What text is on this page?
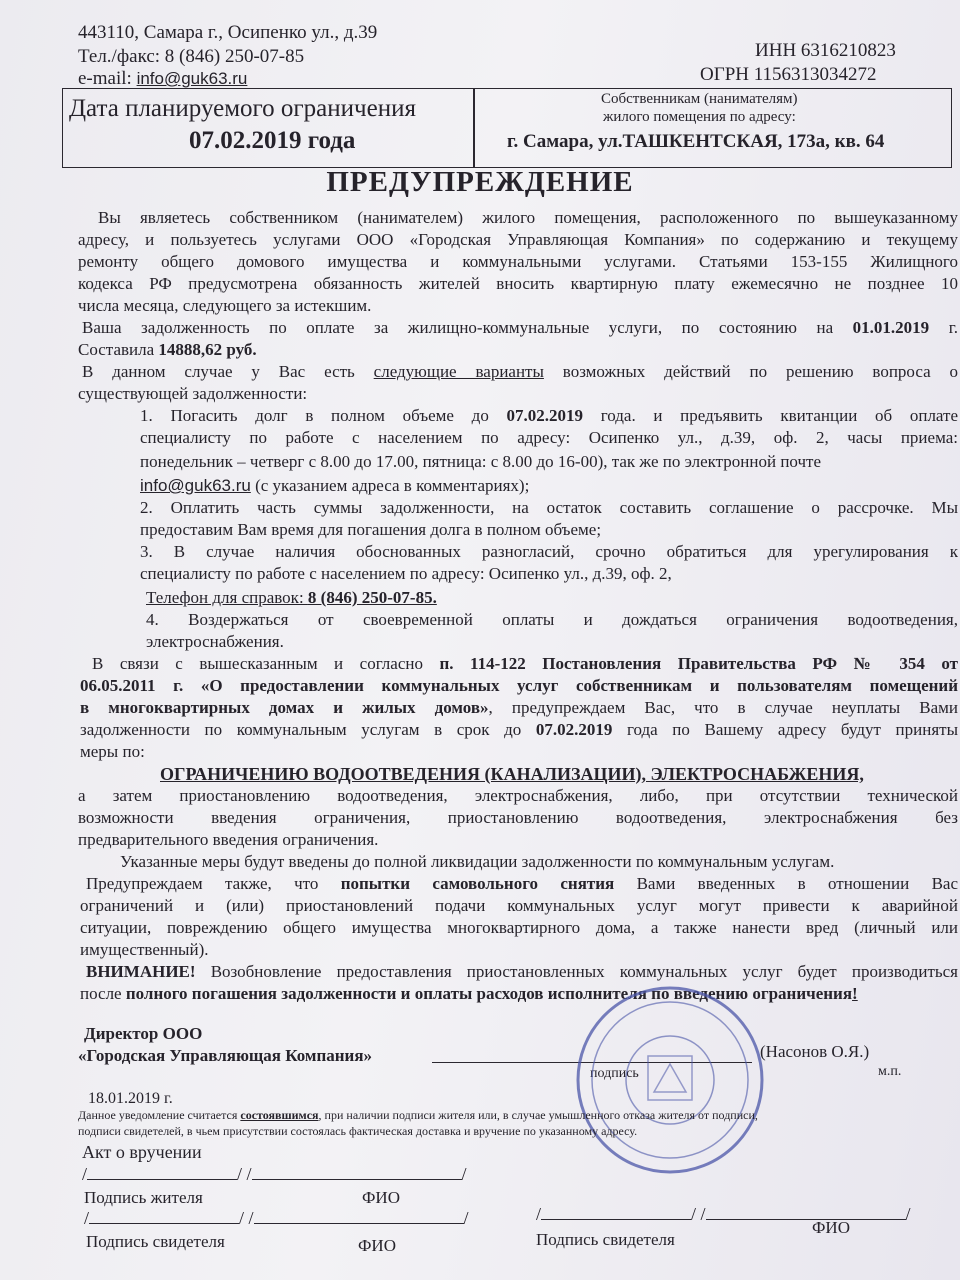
443110, Самара г., Осипенко ул., д.39
Тел./факс: 8 (846) 250-07-85
e-mail: info@guk63.ru
ИНН 6316210823
ОГРН 1156313034272
Дата планируемого ограничения
07.02.2019 года
Собственникам (нанимателям)
жилого помещения по адресу:
г. Самара, ул.ТАШКЕНТСКАЯ, 173а, кв. 64
ПРЕДУПРЕЖДЕНИЕ
Вы являетесь собственником (нанимателем) жилого помещения, расположенного по вышеуказанному
адресу, и пользуетесь услугами ООО «Городская Управляющая Компания» по содержанию и текущему
ремонту общего домового имущества и коммунальными услугами. Статьями 153-155 Жилищного
кодекса РФ предусмотрена обязанность жителей вносить квартирную плату ежемесячно не позднее 10
числа месяца, следующего за истекшим.
Ваша задолженность по оплате за жилищно-коммунальные услуги, по состоянию на 01.01.2019 г.
Составила 14888,62 руб.
В данном случае у Вас есть следующие варианты возможных действий по решению вопроса о
существующей задолженности:
1. Погасить долг в полном объеме до 07.02.2019 года. и предъявить квитанции об оплате
специалисту по работе с населением по адресу: Осипенко ул., д.39, оф. 2, часы приема:
понедельник – четверг с 8.00 до 17.00, пятница: с 8.00 до 16-00), так же по электронной почте
info@guk63.ru (с указанием адреса в комментариях);
2. Оплатить часть суммы задолженности, на остаток составить соглашение о рассрочке. Мы
предоставим Вам время для погашения долга в полном объеме;
3. В случае наличия обоснованных разногласий, срочно обратиться для урегулирования к
специалисту по работе с населением по адресу: Осипенко ул., д.39, оф. 2,
Телефон для справок: 8 (846) 250-07-85.
4. Воздержаться от своевременной оплаты и дождаться ограничения водоотведения,
электроснабжения.
В связи с вышесказанным и согласно п. 114-122 Постановления Правительства РФ № 354 от
06.05.2011 г. «О предоставлении коммунальных услуг собственникам и пользователям помещений
в многоквартирных домах и жилых домов», предупреждаем Вас, что в случае неуплаты Вами
задолженности по коммунальным услугам в срок до 07.02.2019 года по Вашему адресу будут приняты
меры по:
ОГРАНИЧЕНИЮ ВОДООТВЕДЕНИЯ (КАНАЛИЗАЦИИ), ЭЛЕКТРОСНАБЖЕНИЯ,
а затем приостановлению водоотведения, электроснабжения, либо, при отсутствии технической
возможности введения ограничения, приостановлению водоотведения, электроснабжения без
предварительного введения ограничения.
Указанные меры будут введены до полной ликвидации задолженности по коммунальным услугам.
Предупреждаем также, что попытки самовольного снятия Вами введенных в отношении Вас
ограничений и (или) приостановлений подачи коммунальных услуг могут привести к аварийной
ситуации, повреждению общего имущества многоквартирного дома, а также нанести вред (личный или
имущественный).
ВНИМАНИЕ! Возобновление предоставления приостановленных коммунальных услуг будет производиться
после полного погашения задолженности и оплаты расходов исполнителя по введению ограничения!
Директор ООО
«Городская Управляющая Компания»	(Насонов О.Я.)
подпись	м.п.
18.01.2019 г.
Данное уведомление считается состоявшимся, при наличии подписи жителя или, в случае умышленного отказа жителя от подписи,
подписи свидетелей, в чьем присутствии состоялась фактическая доставка и вручение по указанному адресу.
Акт о вручении
/	/ /	/
Подпись жителя	ФИО
/	/ /	/
Подпись свидетеля	ФИО
/	/ /	/
Подпись свидетеля
ФИО
